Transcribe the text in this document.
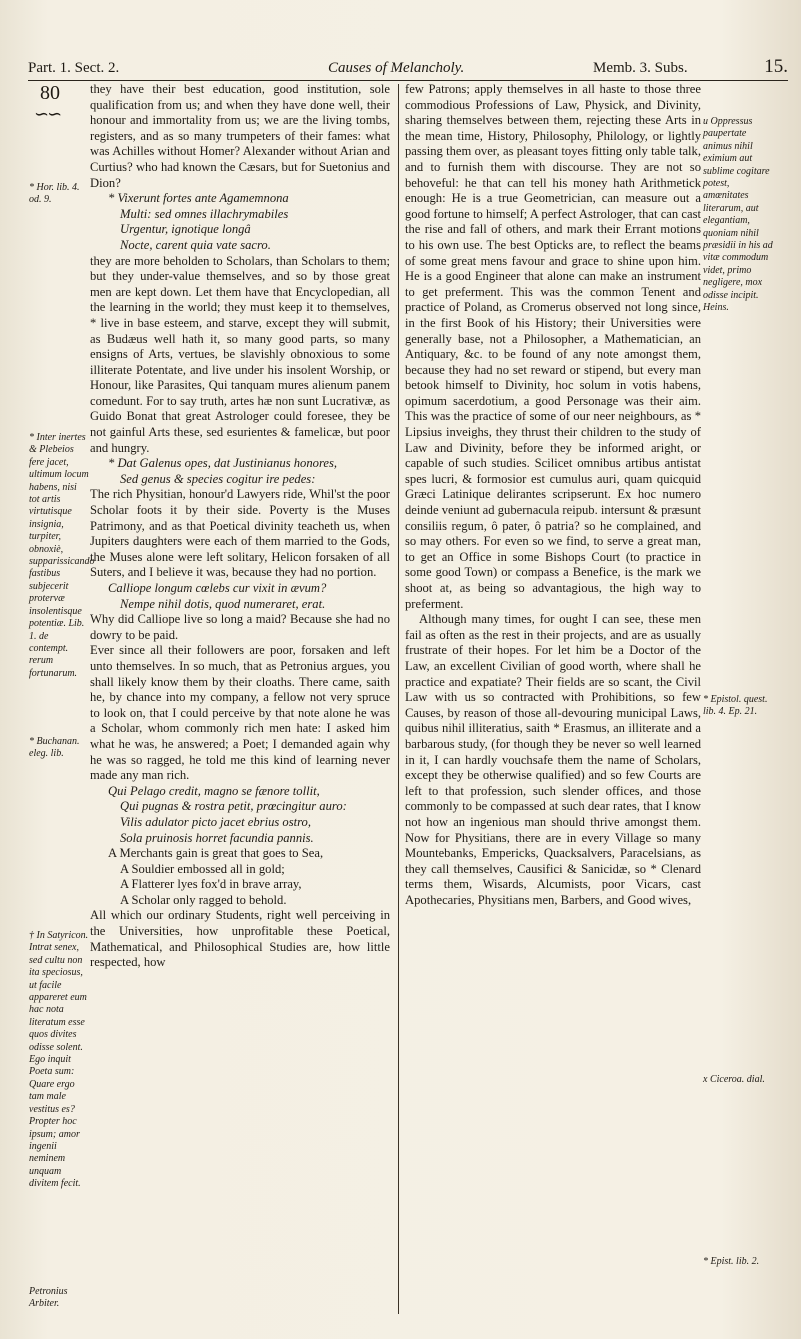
Part. 1. Sect. 2.	Causes of Melancholy.	Memb. 3. Subs.	15.
80
∽∽

they have their best education, good institution, sole qualification from us; and when they have done well, their honour and immortality from us; we are the living tombs, registers, and as so many trumpeters of their fames: what was Achilles without Homer? Alexander without Arian and Curtius? who had known the Cæsars, but for Suetonius and Dion?

* Vixerunt fortes ante Agamemnona

Multi: sed omnes illachrymabiles

Urgentur, ignotique longâ

Nocte, carent quia vate sacro.

they are more beholden to Scholars, than Scholars to them; but they under-value themselves, and so by those great men are kept down. Let them have that Encyclopedian, all the learning in the world; they must keep it to themselves, * live in base esteem, and starve, except they will submit, as Budæus well hath it, so many good parts, so many ensigns of Arts, vertues, be slavishly obnoxious to some illiterate Potentate, and live under his insolent Worship, or Honour, like Parasites, Qui tanquam mures alienum panem comedunt. For to say truth, artes hæ non sunt Lucrativæ, as Guido Bonat that great Astrologer could foresee, they be not gainful Arts these, sed esurientes & famelicæ, but poor and hungry.

* Dat Galenus opes, dat Justinianus honores,

Sed genus & species cogitur ire pedes:

The rich Physitian, honour'd Lawyers ride, Whil'st the poor Scholar foots it by their side. Poverty is the Muses Patrimony, and as that Poetical divinity teacheth us, when Jupiters daughters were each of them married to the Gods, the Muses alone were left solitary, Helicon forsaken of all Suters, and I believe it was, because they had no portion.

Calliope longum cœlebs cur vixit in ævum?

Nempe nihil dotis, quod numeraret, erat.

Why did Calliope live so long a maid? Because she had no dowry to be paid.

Ever since all their followers are poor, forsaken and left unto themselves. In so much, that as Petronius argues, you shall likely know them by their cloaths. There came, saith he, by chance into my company, a fellow not very spruce to look on, that I could perceive by that note alone he was a Scholar, whom commonly rich men hate: I asked him what he was, he answered; a Poet; I demanded again why he was so ragged, he told me this kind of learning never made any man rich.

Qui Pelago credit, magno se fænore tollit,

Qui pugnas & rostra petit, prœcingitur auro:

Vilis adulator picto jacet ebrius ostro,

Sola pruinosis horret facundia pannis.

A Merchants gain is great that goes to Sea,

A Souldier embossed all in gold;

A Flatterer lyes fox'd in brave array,

A Scholar only ragged to behold.

All which our ordinary Students, right well perceiving in the Universities, how unprofitable these Poetical, Mathematical, and Philosophical Studies are, how little respected, how

few Patrons; apply themselves in all haste to those three commodious Professions of Law, Physick, and Divinity, sharing themselves between them, rejecting these Arts in the mean time, History, Philosophy, Philology, or lightly passing them over, as pleasant toyes fitting only table talk, and to furnish them with discourse. They are not so behoveful: he that can tell his money hath Arithmetick enough: He is a true Geometrician, can measure out a good fortune to himself; A perfect Astrologer, that can cast the rise and fall of others, and mark their Errant motions to his own use. The best Opticks are, to reflect the beams of some great mens favour and grace to shine upon him. He is a good Engineer that alone can make an instrument to get preferment. This was the common Tenent and practice of Poland, as Cromerus observed not long since, in the first Book of his History; their Universities were generally base, not a Philosopher, a Mathematician, an Antiquary, &c. to be found of any note amongst them, because they had no set reward or stipend, but every man betook himself to Divinity, hoc solum in votis habens, opimum sacerdotium, a good Personage was their aim. This was the practice of some of our neer neighbours, as * Lipsius inveighs, they thrust their children to the study of Law and Divinity, before they be informed aright, or capable of such studies. Scilicet omnibus artibus antistat spes lucri, & formosior est cumulus auri, quam quicquid Græci Latinique delirantes scripserunt. Ex hoc numero deinde veniunt ad gubernacula reipub. intersunt & præsunt consiliis regum, ô pater, ô patria? so he complained, and so may others. For even so we find, to serve a great man, to get an Office in some Bishops Court (to practice in some good Town) or compass a Benefice, is the mark we shoot at, as being so advantagious, the high way to preferment.

Although many times, for ought I can see, these men fail as often as the rest in their projects, and are as usually frustrate of their hopes. For let him be a Doctor of the Law, an excellent Civilian of good worth, where shall he practice and expatiate? Their fields are so scant, the Civil Law with us so contracted with Prohibitions, so few Causes, by reason of those all-devouring municipal Laws, quibus nihil illiteratius, saith * Erasmus, an illiterate and a barbarous study, (for though they be never so well learned in it, I can hardly vouchsafe them the name of Scholars, except they be otherwise qualified) and so few Courts are left to that profession, such slender offices, and those commonly to be compassed at such dear rates, that I know not how an ingenious man should thrive amongst them. Now for Physitians, there are in every Village so many Mountebanks, Empericks, Quacksalvers, Paracelsians, as they call themselves, Causifici & Sanicidæ, so * Clenard terms them, Wisards, Alcumists, poor Vicars, cast Apothecaries, Physitians men, Barbers, and Good wives,

* Hor. lib. 4. od. 9.
* Inter inertes & Plebeios fere jacet, ultimum locum habens, nisi tot artis virtutisque insignia, turpiter, obnoxiè, supparissicando fastibus subjecerit protervæ insolentisque potentiæ. Lib. 1. de contempt. rerum fortunarum.
* Buchanan. eleg. lib.
† In Satyricon. Intrat senex, sed cultu non ita speciosus, ut facile appareret eum hac nota literatum esse quos divites odisse solent. Ego inquit Poeta sum: Quare ergo tam male vestitus es? Propter hoc ipsum; amor ingenii neminem unquam divitem fecit.
Petronius Arbiter.
u Oppressus paupertate animus nihil eximium aut sublime cogitare potest, amœnitates literarum, aut elegantiam, quoniam nihil præsidii in his ad vitæ commodum videt, primo negligere, mox odisse incipit. Heins.
* Epistol. quest. lib. 4. Ep. 21.
x Ciceroa. dial.
* Epist. lib. 2.
